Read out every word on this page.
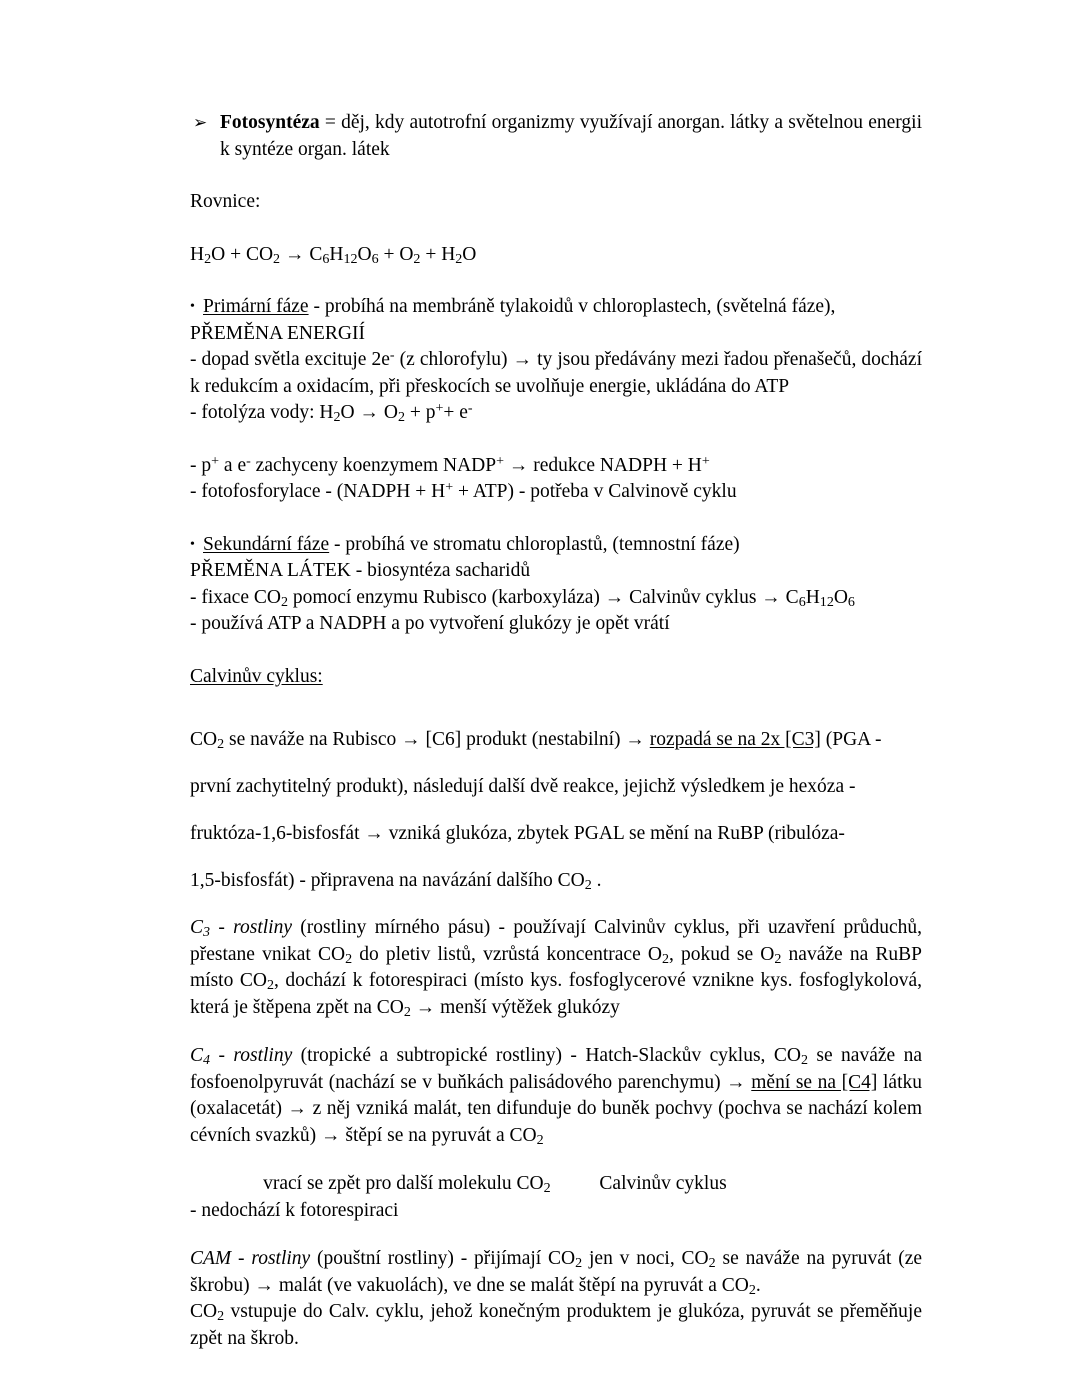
➢ Fotosyntéza = děj, kdy autotrofní organizmy využívají anorgan. látky a světelnou energii k syntéze organ. látek

Rovnice:

$H_2O + CO_2 \to C_6H_{12}O_6 + O_2 + H_2O$

• Primární fáze - probíhá na membráně tylakoidů v chloroplastech, (světelná fáze),

PŘEMĚNA ENERGIÍ

- dopad světla excituje 2e- (z chlorofylu) → ty jsou předávány mezi řadou přenašečů, dochází k redukcím a oxidacím, při přeskocích se uvolňuje energie, ukládána do ATP

- fotolýza vody: $H_2O \to O_2 + p^++ e^-$

- p+ a e- zachyceny koenzymem NADP+ → redukce NADPH + H+

- fotofosforylace - (NADPH + H+ + ATP) - potřeba v Calvinově cyklu

• Sekundární fáze - probíhá ve stromatu chloroplastů, (temnostní fáze)

PŘEMĚNA LÁTEK - biosyntéza sacharidů

- fixace $CO_2$ pomocí enzymu Rubisco (karboxyláza) → Calvinův cyklus → $C_6H_{12}O_6$

- používá ATP a NADPH a po vytvoření glukózy je opět vrátí

Calvinův cyklus:

$CO_2$ se naváže na Rubisco → [C6] produkt (nestabilní) → rozpadá se na 2x [C3] (PGA -

první zachytitelný produkt), následují další dvě reakce, jejichž výsledkem je hexóza -

fruktóza-1,6-bisfosfát → vzniká glukóza, zbytek PGAL se mění na RuBP (ribulóza-

1,5-bisfosfát) - připravena na navázání dalšího $CO_2$ .

$C_3$ - rostliny (rostliny mírného pásu) - používají Calvinův cyklus, při uzavření průduchů, přestane vnikat $CO_2$ do pletiv listů, vzrůstá koncentrace $O_2$, pokud se $O_2$ naváže na RuBP místo $CO_2$, dochází k fotorespiraci (místo kys. fosfoglycerové vznikne kys. fosfoglykolová, která je štěpena zpět na $CO_2$ → menší výtěžek glukózy

$C_4$ - rostliny (tropické a subtropické rostliny) - Hatch-Slackův cyklus, $CO_2$ se naváže na fosfoenolpyruvát (nachází se v buňkách palisádového parenchymu) → mění se na [C4] látku (oxalacetát) → z něj vzniká malát, ten difunduje do buněk pochvy (pochva se nachází kolem cévních svazků) → štěpí se na pyruvát a $CO_2$

vrací se zpět pro další molekulu $CO_2$          Calvinův cyklus

- nedochází k fotorespiraci

CAM - rostliny (pouštní rostliny) - přijímají $CO_2$ jen v noci, $CO_2$ se naváže na pyruvát (ze škrobu) → malát (ve vakuolách), ve dne se malát štěpí na pyruvát a $CO_2$.

$CO_2$ vstupuje do Calv. cyklu, jehož konečným produktem je glukóza, pyruvát se přeměňuje zpět na škrob.
